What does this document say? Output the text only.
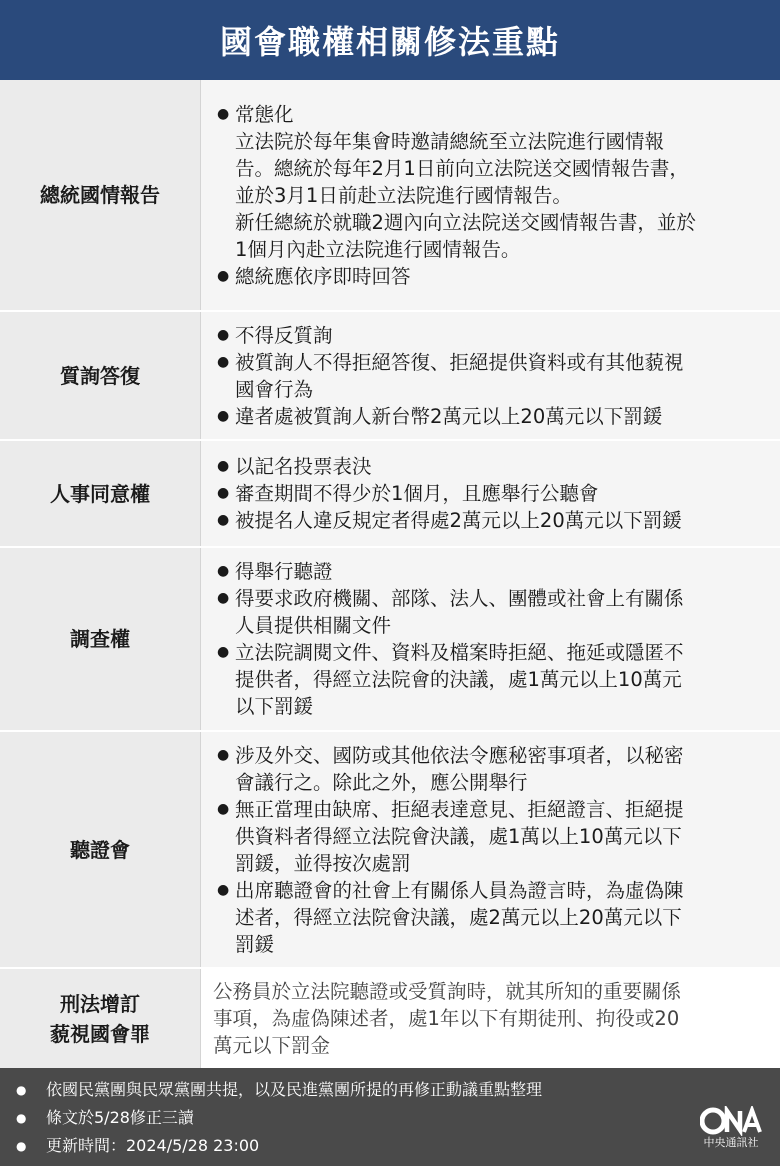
國會職權相關修法重點
總統國情報告
● 常態化
立法院於每年集會時邀請總統至立法院進行國情報
告。總統於每年2月1日前向立法院送交國情報告書，
並於3月1日前赴立法院進行國情報告。
新任總統於就職2週內向立法院送交國情報告書，並於
1個月內赴立法院進行國情報告。
● 總統應依序即時回答
質詢答復
● 不得反質詢
● 被質詢人不得拒絕答復、拒絕提供資料或有其他藐視
國會行為
● 違者處被質詢人新台幣2萬元以上20萬元以下罰鍰
人事同意權
● 以記名投票表決
● 審查期間不得少於1個月，且應舉行公聽會
● 被提名人違反規定者得處2萬元以上20萬元以下罰鍰
調查權
● 得舉行聽證
● 得要求政府機關、部隊、法人、團體或社會上有關係
人員提供相關文件
● 立法院調閱文件、資料及檔案時拒絕、拖延或隱匿不
提供者，得經立法院會的決議，處1萬元以上10萬元
以下罰鍰
聽證會
● 涉及外交、國防或其他依法令應秘密事項者，以秘密
會議行之。除此之外，應公開舉行
● 無正當理由缺席、拒絕表達意見、拒絕證言、拒絕提
供資料者得經立法院會決議，處1萬以上10萬元以下
罰鍰，並得按次處罰
● 出席聽證會的社會上有關係人員為證言時，為虛偽陳
述者，得經立法院會決議，處2萬元以上20萬元以下
罰鍰
刑法增訂
藐視國會罪
公務員於立法院聽證或受質詢時，就其所知的重要關係
事項，為虛偽陳述者，處1年以下有期徒刑、拘役或20
萬元以下罰金
●	依國民黨團與民眾黨團共提，以及民進黨團所提的再修正動議重點整理
●	條文於5/28修正三讀
●	更新時間：2024/5/28 23:00	中央通訊社
